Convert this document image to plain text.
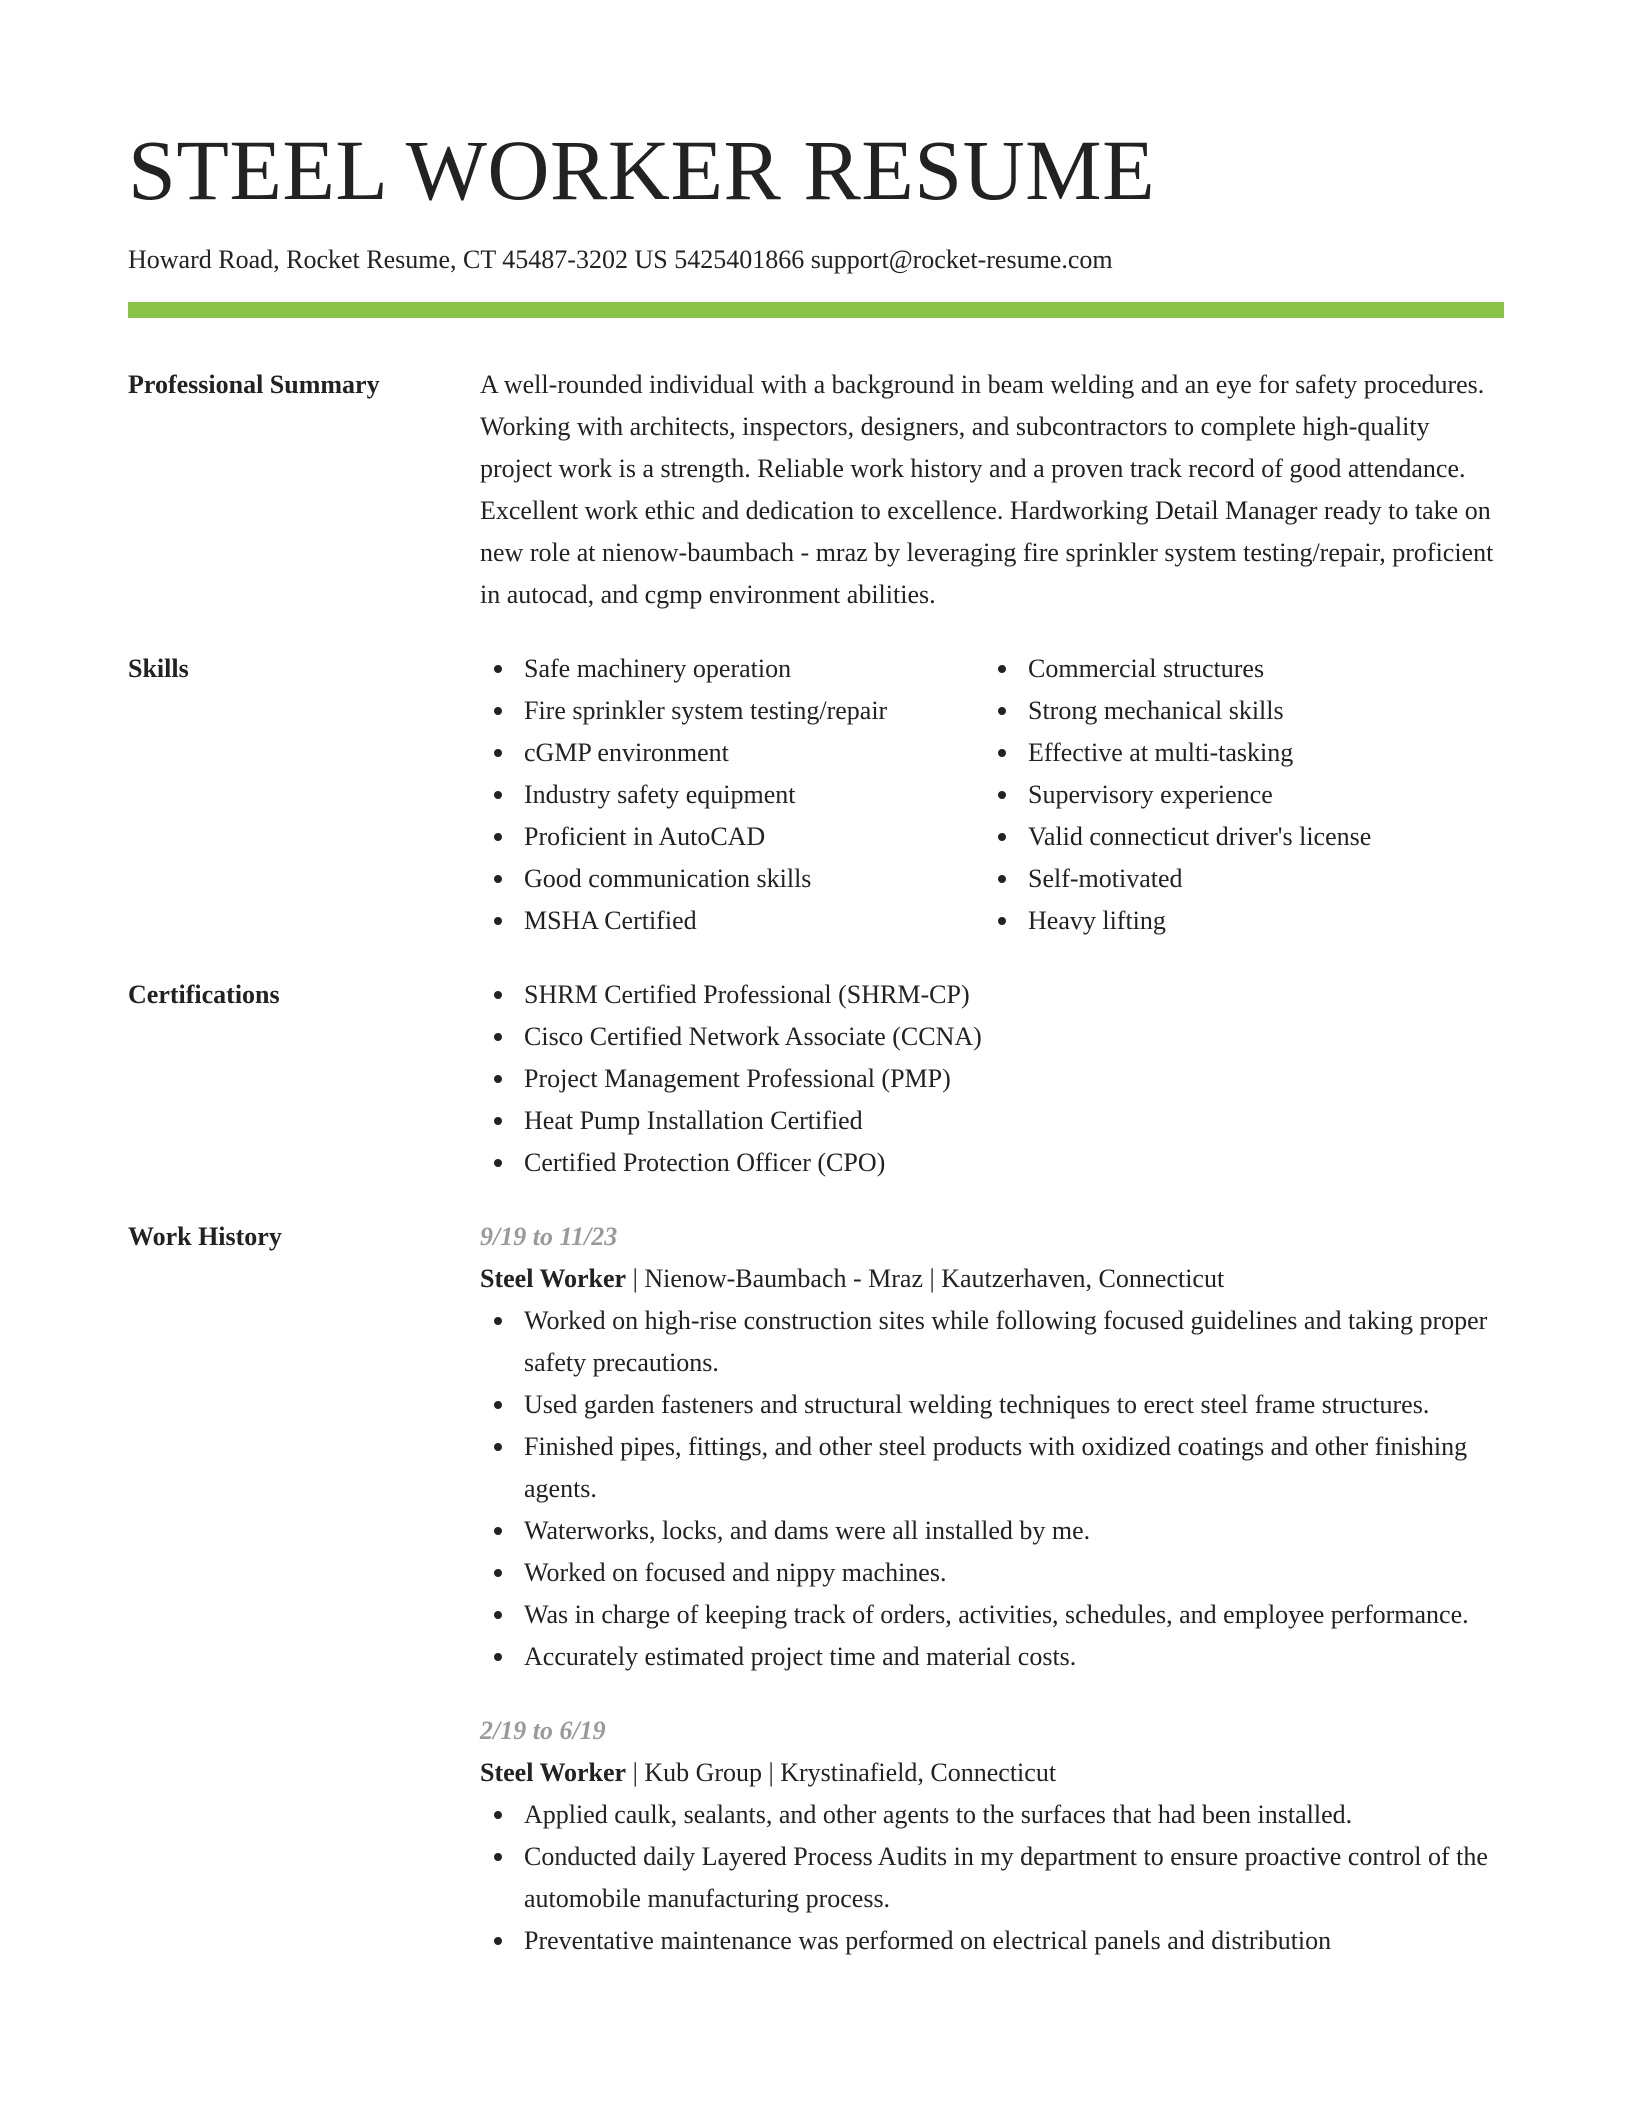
STEEL WORKER RESUME
Howard Road, Rocket Resume, CT 45487-3202 US 5425401866 support@rocket-resume.com
Professional Summary	A well-rounded individual with a background in beam welding and an eye for safety procedures. Working with architects, inspectors, designers, and subcontractors to complete high-quality project work is a strength. Reliable work history and a proven track record of good attendance. Excellent work ethic and dedication to excellence. Hardworking Detail Manager ready to take on new role at nienow-baumbach - mraz by leveraging fire sprinkler system testing/repair, proficient in autocad, and cgmp environment abilities.
Skills	Safe machinery operation
Fire sprinkler system testing/repair
cGMP environment
Industry safety equipment
Proficient in AutoCAD
Good communication skills
MSHA Certified
Commercial structures
Strong mechanical skills
Effective at multi-tasking
Supervisory experience
Valid connecticut driver's license
Self-motivated
Heavy lifting
Certifications	SHRM Certified Professional (SHRM-CP)
Cisco Certified Network Associate (CCNA)
Project Management Professional (PMP)
Heat Pump Installation Certified
Certified Protection Officer (CPO)
Work History	9/19 to 11/23
Steel Worker | Nienow-Baumbach - Mraz | Kautzerhaven, Connecticut
Worked on high-rise construction sites while following focused guidelines and taking proper safety precautions.
Used garden fasteners and structural welding techniques to erect steel frame structures.
Finished pipes, fittings, and other steel products with oxidized coatings and other finishing agents.
Waterworks, locks, and dams were all installed by me.
Worked on focused and nippy machines.
Was in charge of keeping track of orders, activities, schedules, and employee performance.
Accurately estimated project time and material costs.
2/19 to 6/19
Steel Worker | Kub Group | Krystinafield, Connecticut
Applied caulk, sealants, and other agents to the surfaces that had been installed.
Conducted daily Layered Process Audits in my department to ensure proactive control of the automobile manufacturing process.
Preventative maintenance was performed on electrical panels and distribution
